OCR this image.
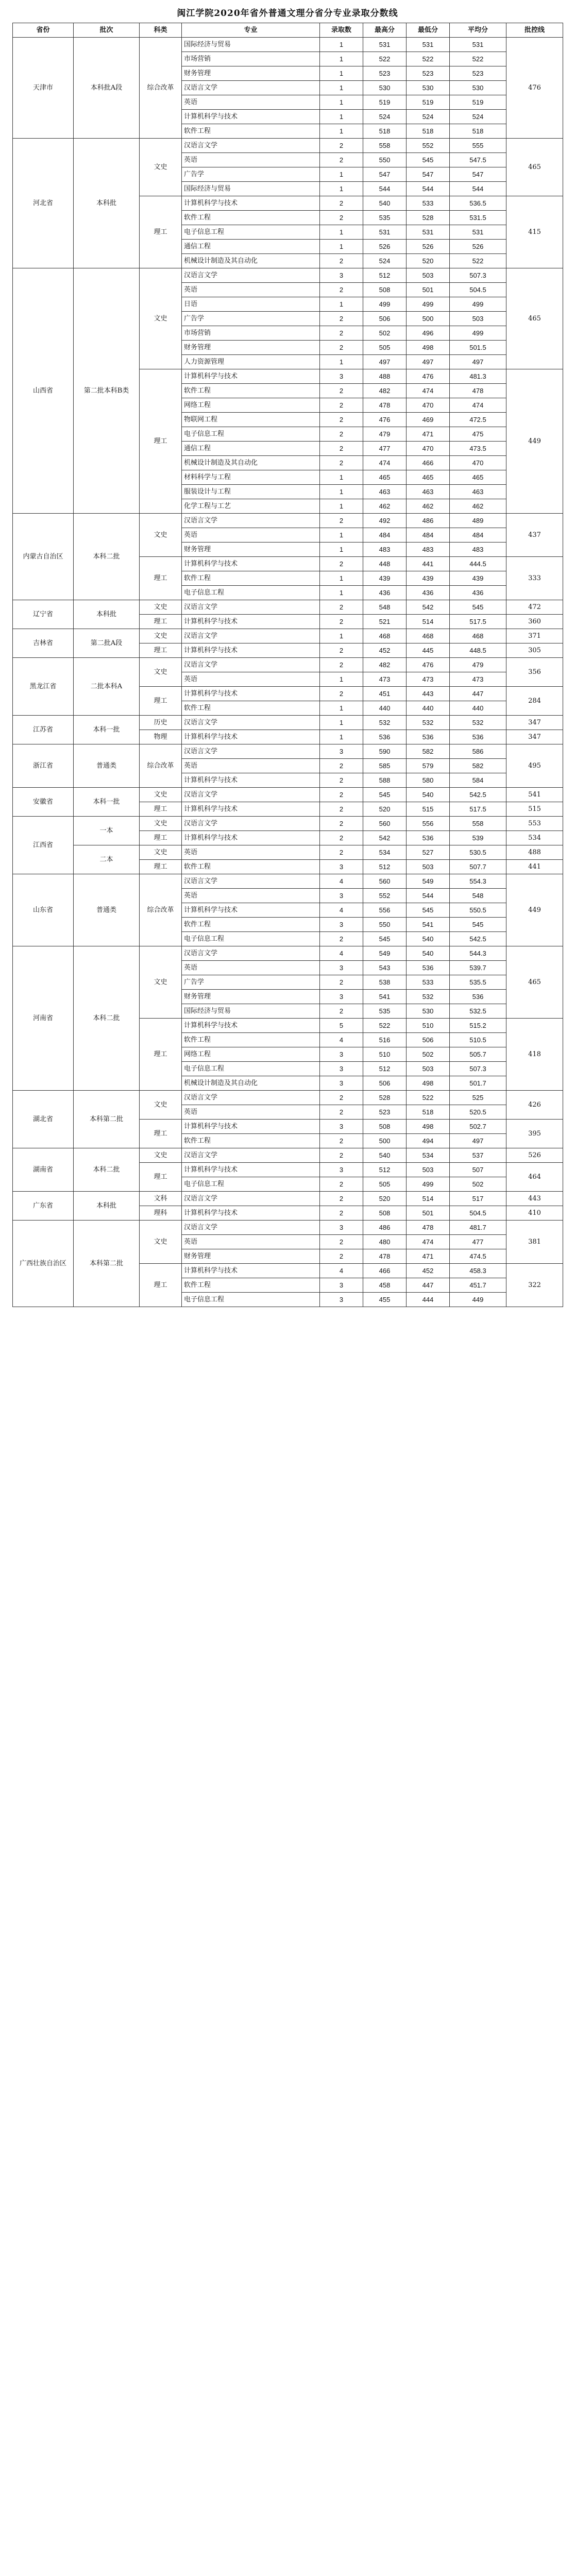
闽江学院2020年省外普通文理分省分专业录取分数线
省份	批次	科类	专业	录取数	最高分	最低分	平均分	批控线
天津市	本科批A段	综合改革	国际经济与贸易	1	531	531	531	476
			市场营销	1	522	522	522	
			财务管理	1	523	523	523	
			汉语言文学	1	530	530	530	
			英语	1	519	519	519	
			计算机科学与技术	1	524	524	524	
			软件工程	1	518	518	518	
河北省	本科批	文史	汉语言文学	2	558	552	555	465
			英语	2	550	545	547.5	
			广告学	1	547	547	547	
			国际经济与贸易	1	544	544	544	
		理工	计算机科学与技术	2	540	533	536.5	415
			软件工程	2	535	528	531.5	
			电子信息工程	1	531	531	531	
			通信工程	1	526	526	526	
			机械设计制造及其自动化	2	524	520	522	
山西省	第二批本科B类	文史	汉语言文学	3	512	503	507.3	465
			英语	2	508	501	504.5	
			日语	1	499	499	499	
			广告学	2	506	500	503	
			市场营销	2	502	496	499	
			财务管理	2	505	498	501.5	
			人力资源管理	1	497	497	497	
		理工	计算机科学与技术	3	488	476	481.3	449
			软件工程	2	482	474	478	
			网络工程	2	478	470	474	
			物联网工程	2	476	469	472.5	
			电子信息工程	2	479	471	475	
			通信工程	2	477	470	473.5	
			机械设计制造及其自动化	2	474	466	470	
			材料科学与工程	1	465	465	465	
			服装设计与工程	1	463	463	463	
			化学工程与工艺	1	462	462	462	
内蒙古自治区	本科二批	文史	汉语言文学	2	492	486	489	437
			英语	1	484	484	484	
			财务管理	1	483	483	483	
		理工	计算机科学与技术	2	448	441	444.5	333
			软件工程	1	439	439	439	
			电子信息工程	1	436	436	436	
辽宁省	本科批	文史	汉语言文学	2	548	542	545	472
		理工	计算机科学与技术	2	521	514	517.5	360
吉林省	第二批A段	文史	汉语言文学	1	468	468	468	371
		理工	计算机科学与技术	2	452	445	448.5	305
黑龙江省	二批本科A	文史	汉语言文学	2	482	476	479	356
			英语	1	473	473	473	
		理工	计算机科学与技术	2	451	443	447	284
			软件工程	1	440	440	440	
江苏省	本科一批	历史	汉语言文学	1	532	532	532	347
		物理	计算机科学与技术	1	536	536	536	347
浙江省	普通类	综合改革	汉语言文学	3	590	582	586	495
			英语	2	585	579	582	
			计算机科学与技术	2	588	580	584	
安徽省	本科一批	文史	汉语言文学	2	545	540	542.5	541
		理工	计算机科学与技术	2	520	515	517.5	515
江西省	一本	文史	汉语言文学	2	560	556	558	553
		理工	计算机科学与技术	2	542	536	539	534
	二本	文史	英语	2	534	527	530.5	488
		理工	软件工程	3	512	503	507.7	441
山东省	普通类	综合改革	汉语言文学	4	560	549	554.3	449
			英语	3	552	544	548	
			计算机科学与技术	4	556	545	550.5	
			软件工程	3	550	541	545	
			电子信息工程	2	545	540	542.5	
河南省	本科二批	文史	汉语言文学	4	549	540	544.3	465
			英语	3	543	536	539.7	
			广告学	2	538	533	535.5	
			财务管理	3	541	532	536	
			国际经济与贸易	2	535	530	532.5	
		理工	计算机科学与技术	5	522	510	515.2	418
			软件工程	4	516	506	510.5	
			网络工程	3	510	502	505.7	
			电子信息工程	3	512	503	507.3	
			机械设计制造及其自动化	3	506	498	501.7	
湖北省	本科第二批	文史	汉语言文学	2	528	522	525	426
			英语	2	523	518	520.5	
		理工	计算机科学与技术	3	508	498	502.7	395
			软件工程	2	500	494	497	
湖南省	本科二批	文史	汉语言文学	2	540	534	537	526
		理工	计算机科学与技术	3	512	503	507	464
			电子信息工程	2	505	499	502	
广东省	本科批	文科	汉语言文学	2	520	514	517	443
		理科	计算机科学与技术	2	508	501	504.5	410
广西壮族自治区	本科第二批	文史	汉语言文学	3	486	478	481.7	381
			英语	2	480	474	477	
			财务管理	2	478	471	474.5	
		理工	计算机科学与技术	4	466	452	458.3	322
			软件工程	3	458	447	451.7	
			电子信息工程	3	455	444	449	
